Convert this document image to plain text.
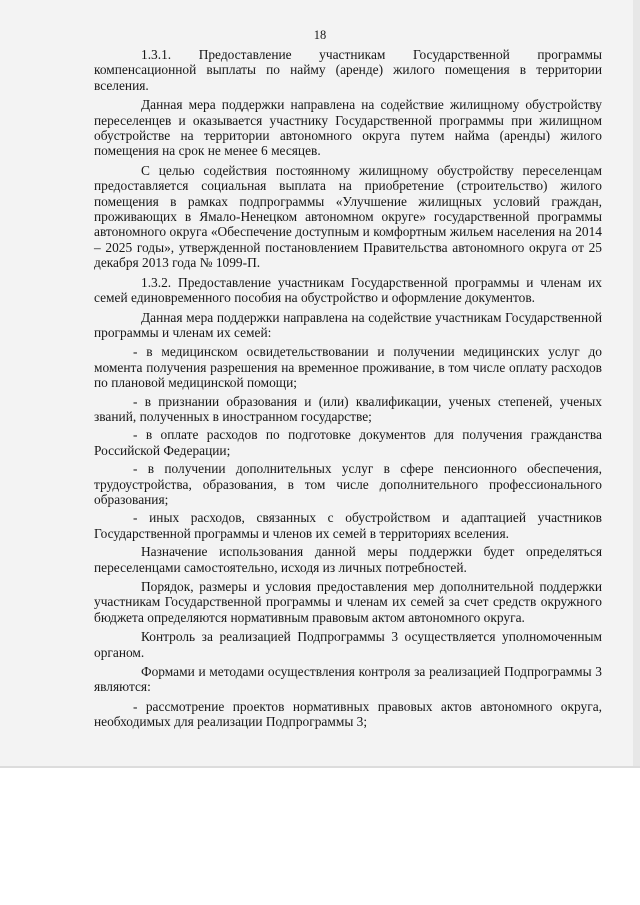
18

1.3.1. Предоставление участникам Государственной программы компенсационной выплаты по найму (аренде) жилого помещения в территории вселения.

Данная мера поддержки направлена на содействие жилищному обустройству переселенцев и оказывается участнику Государственной программы при жилищном обустройстве на территории автономного округа путем найма (аренды) жилого помещения на срок не менее 6 месяцев.

С целью содействия постоянному жилищному обустройству переселенцам предоставляется социальная выплата на приобретение (строительство) жилого помещения в рамках подпрограммы «Улучшение жилищных условий граждан, проживающих в Ямало-Ненецком автономном округе» государственной программы автономного округа «Обеспечение доступным и комфортным жильем населения на 2014 – 2025 годы», утвержденной постановлением Правительства автономного округа от 25 декабря 2013 года № 1099-П.

1.3.2. Предоставление участникам Государственной программы и членам их семей единовременного пособия на обустройство и оформление документов.

Данная мера поддержки направлена на содействие участникам Государственной программы и членам их семей:

- в медицинском освидетельствовании и получении медицинских услуг до момента получения разрешения на временное проживание, в том числе оплату расходов по плановой медицинской помощи;

- в признании образования и (или) квалификации, ученых степеней, ученых званий, полученных в иностранном государстве;

- в оплате расходов по подготовке документов для получения гражданства Российской Федерации;

- в получении дополнительных услуг в сфере пенсионного обеспечения, трудоустройства, образования, в том числе дополнительного профессионального образования;

- иных расходов, связанных с обустройством и адаптацией участников Государственной программы и членов их семей в территориях вселения.

Назначение использования данной меры поддержки будет определяться переселенцами самостоятельно, исходя из личных потребностей.

Порядок, размеры и условия предоставления мер дополнительной поддержки участникам Государственной программы и членам их семей за счет средств окружного бюджета определяются нормативным правовым актом автономного округа.

Контроль за реализацией Подпрограммы 3 осуществляется уполномоченным органом.

Формами и методами осуществления контроля за реализацией Подпрограммы 3 являются:

- рассмотрение проектов нормативных правовых актов автономного округа, необходимых для реализации Подпрограммы 3;
